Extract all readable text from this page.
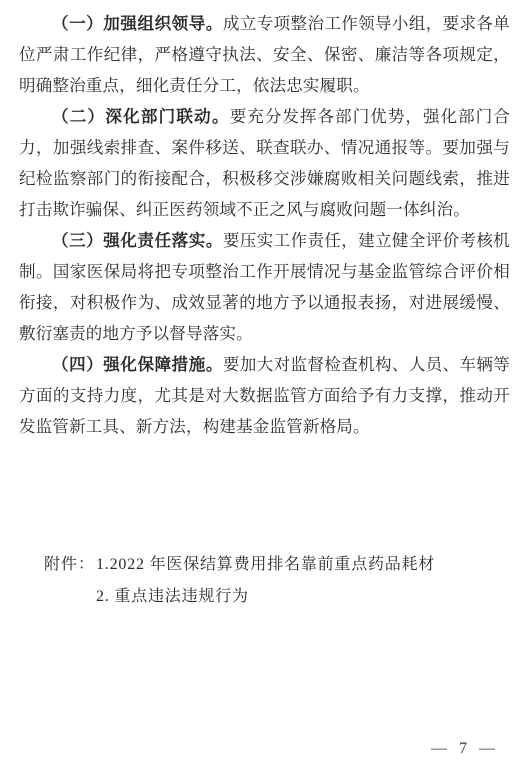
（一）加强组织领导。成立专项整治工作领导小组，要求各单位严肃工作纪律，严格遵守执法、安全、保密、廉洁等各项规定，明确整治重点，细化责任分工，依法忠实履职。

（二）深化部门联动。要充分发挥各部门优势，强化部门合力，加强线索排查、案件移送、联查联办、情况通报等。要加强与纪检监察部门的衔接配合，积极移交涉嫌腐败相关问题线索，推进打击欺诈骗保、纠正医药领域不正之风与腐败问题一体纠治。

（三）强化责任落实。要压实工作责任，建立健全评价考核机制。国家医保局将把专项整治工作开展情况与基金监管综合评价相衔接，对积极作为、成效显著的地方予以通报表扬，对进展缓慢、敷衍塞责的地方予以督导落实。

（四）强化保障措施。要加大对监督检查机构、人员、车辆等方面的支持力度，尤其是对大数据监管方面给予有力支撑，推动开发监管新工具、新方法，构建基金监管新格局。

附件：1.2022 年医保结算费用排名靠前重点药品耗材
2. 重点违法违规行为
— 7 —
